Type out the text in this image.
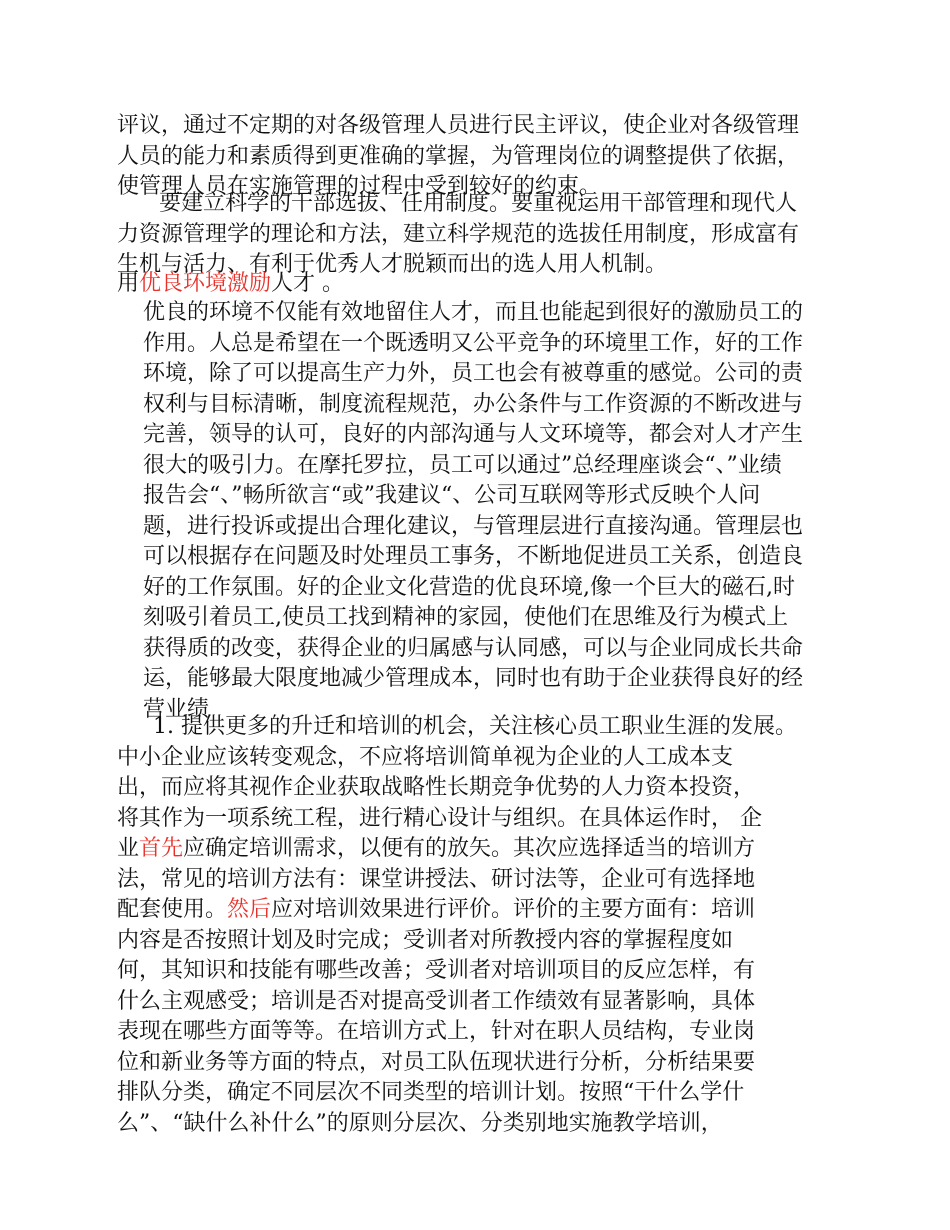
评议，通过不定期的对各级管理人员进行民主评议，使企业对各级管理
人员的能力和素质得到更准确的掌握，为管理岗位的调整提供了依据，
使管理人员在实施管理的过程中受到较好的约束。
要建立科学的干部选拔、任用制度。要重视运用干部管理和现代人
力资源管理学的理论和方法，建立科学规范的选拔任用制度，形成富有
生机与活力、有利于优秀人才脱颖而出的选人用人机制。
用优良环境激励人才 。
优良的环境不仅能有效地留住人才，而且也能起到很好的激励员工的
作用。人总是希望在一个既透明又公平竞争的环境里工作，好的工作
环境，除了可以提高生产力外，员工也会有被尊重的感觉。公司的责
权利与目标清晰，制度流程规范，办公条件与工作资源的不断改进与
完善，领导的认可，良好的内部沟通与人文环境等，都会对人才产生
很大的吸引力。在摩托罗拉，员工可以通过”总经理座谈会“、”业绩
报告会“、”畅所欲言“或”我建议“、公司互联网等形式反映个人问
题，进行投诉或提出合理化建议，与管理层进行直接沟通。管理层也
可以根据存在问题及时处理员工事务，不断地促进员工关系，创造良
好的工作氛围。好的企业文化营造的优良环境,像一个巨大的磁石,时
刻吸引着员工,使员工找到精神的家园，使他们在思维及行为模式上
获得质的改变，获得企业的归属感与认同感，可以与企业同成长共命
运，能够最大限度地减少管理成本，同时也有助于企业获得良好的经
营业绩
1. 提供更多的升迁和培训的机会，关注核心员工职业生涯的发展。
中小企业应该转变观念，不应将培训简单视为企业的人工成本支
出，而应将其视作企业获取战略性长期竞争优势的人力资本投资，
将其作为一项系统工程，进行精心设计与组织。在具体运作时， 企
业首先应确定培训需求，以便有的放矢。其次应选择适当的培训方
法，常见的培训方法有：课堂讲授法、研讨法等，企业可有选择地
配套使用。然后应对培训效果进行评价。评价的主要方面有：培训
内容是否按照计划及时完成；受训者对所教授内容的掌握程度如
何，其知识和技能有哪些改善；受训者对培训项目的反应怎样，有
什么主观感受；培训是否对提高受训者工作绩效有显著影响，具体
表现在哪些方面等等。在培训方式上，针对在职人员结构，专业岗
位和新业务等方面的特点，对员工队伍现状进行分析，分析结果要
排队分类，确定不同层次不同类型的培训计划。按照“干什么学什
么”、“缺什么补什么”的原则分层次、分类别地实施教学培训，
